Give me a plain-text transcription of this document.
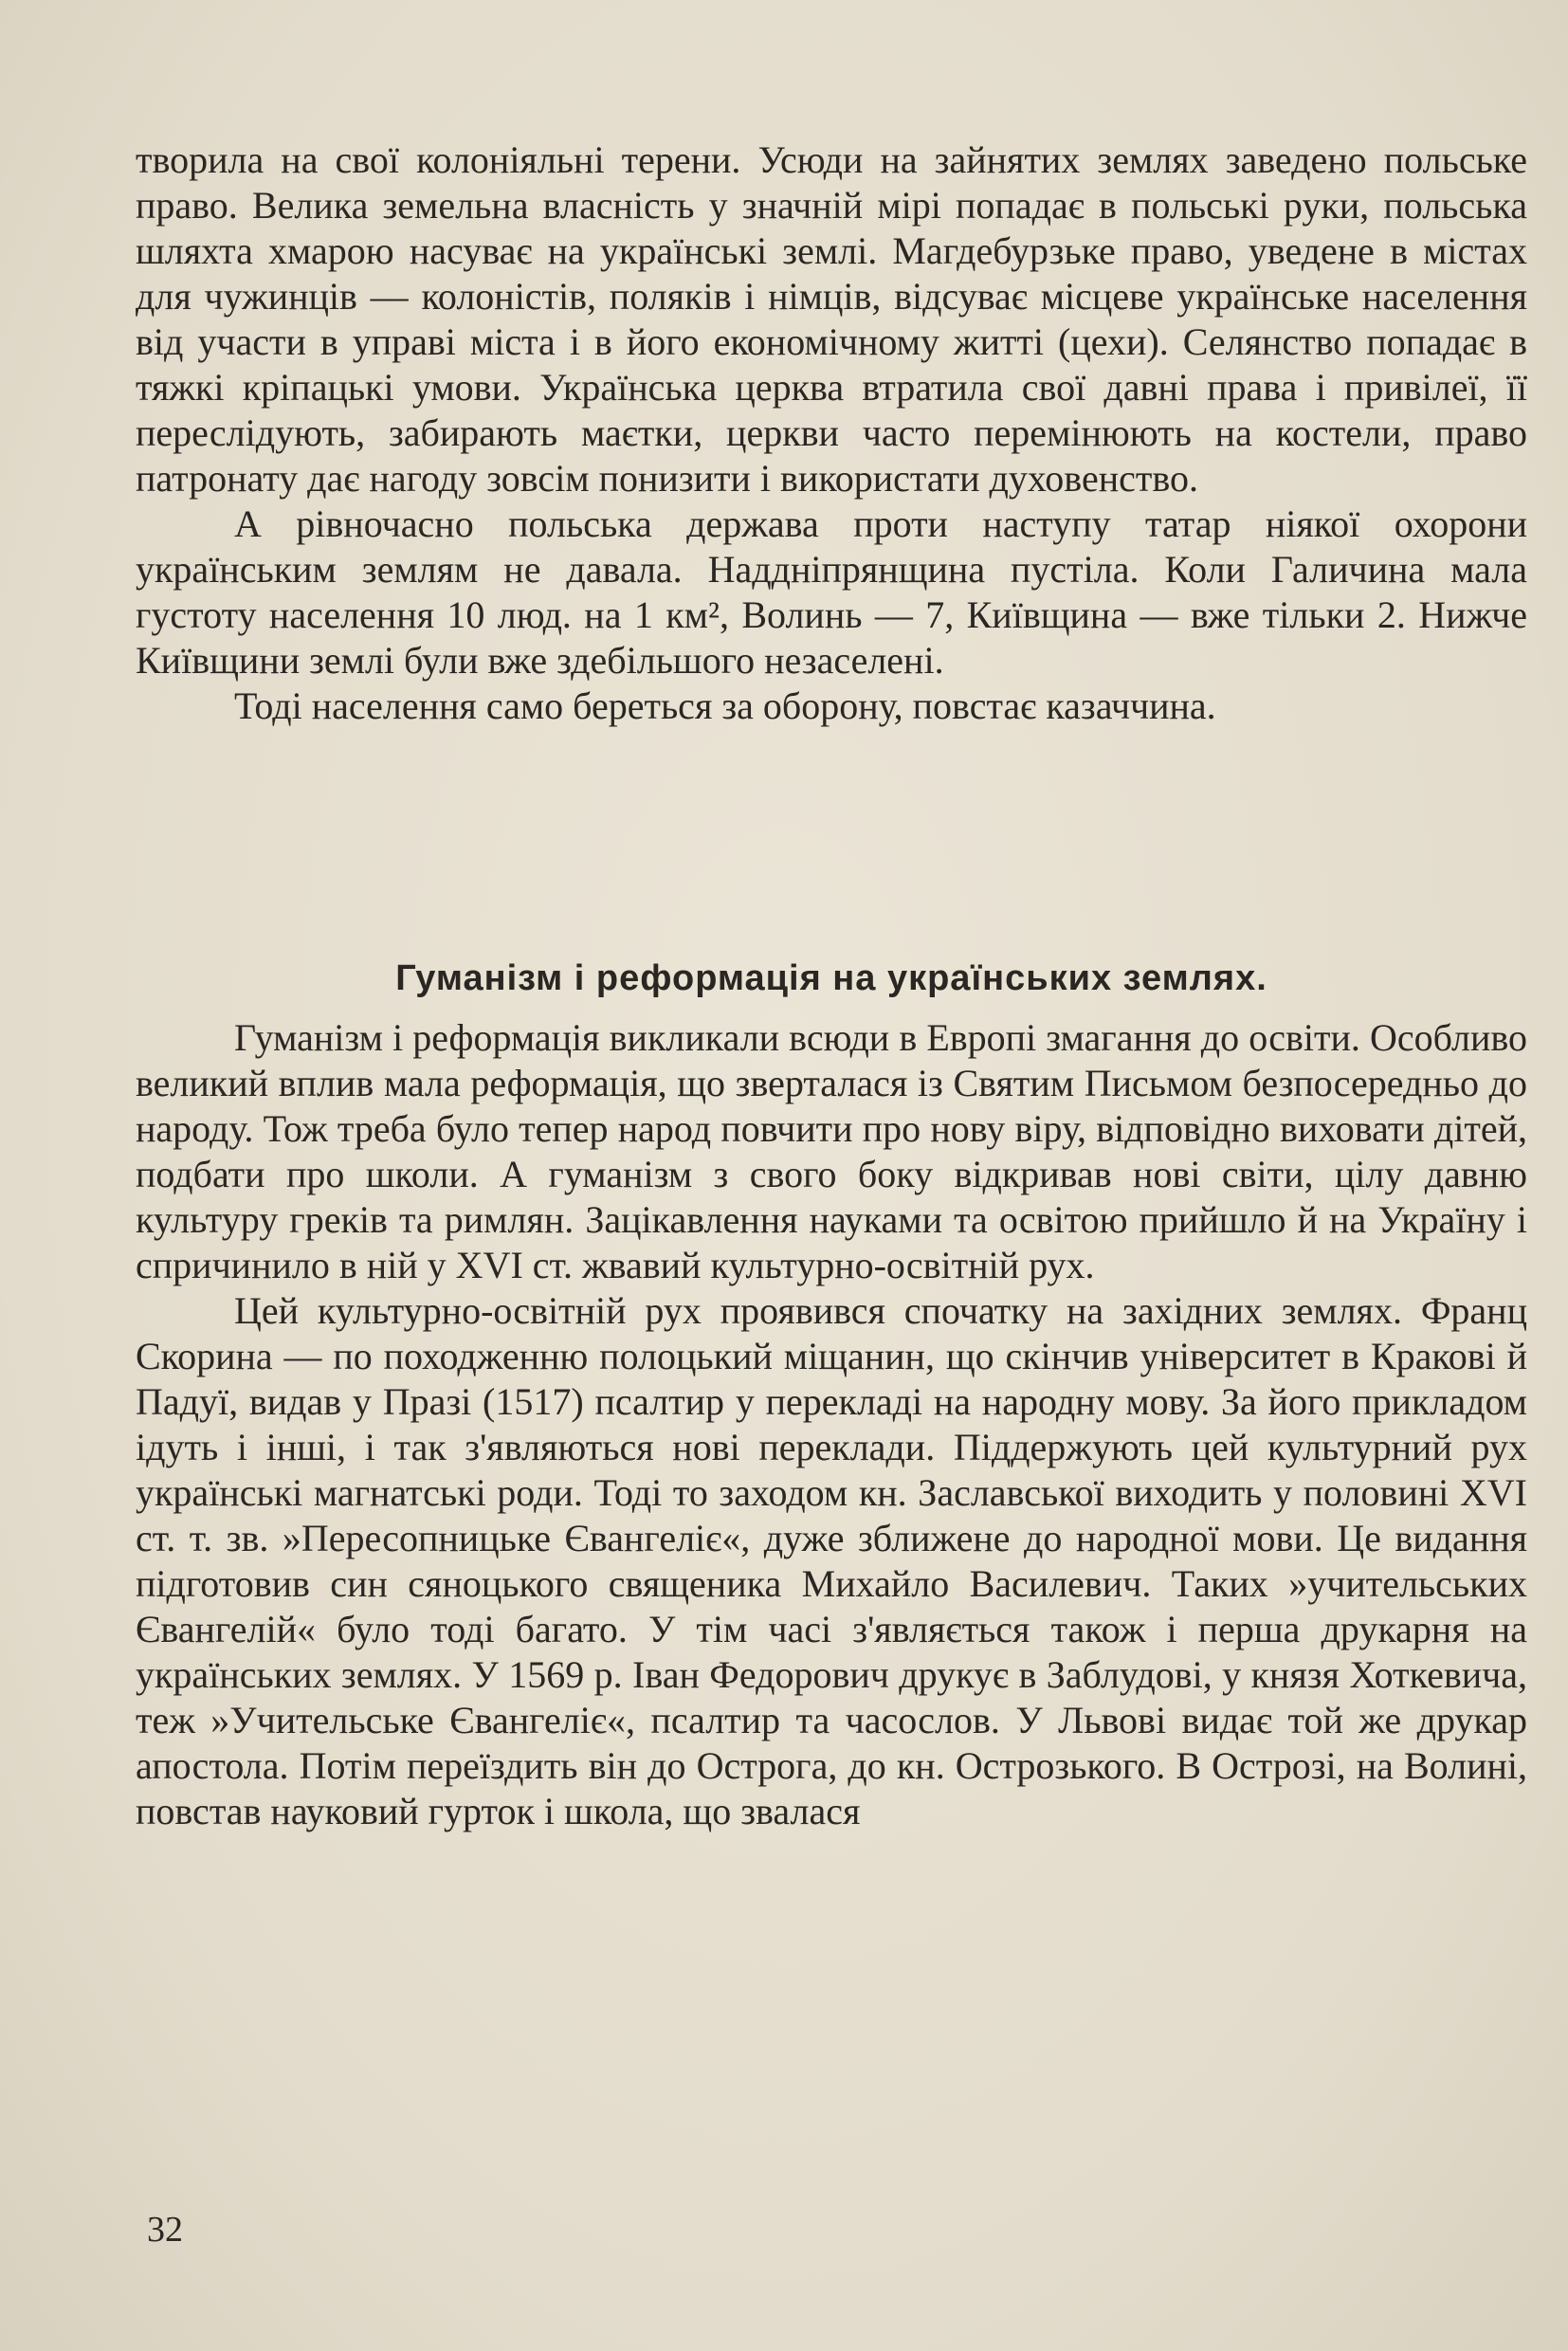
творила на свої колоніяльні терени. Усюди на зайнятих землях заведено польське право. Велика земельна власність у значній мірі попадає в польські руки, польська шляхта хмарою насуває на українські землі. Магдебурзьке право, уведене в містах для чужинців — колоністів, поляків і німців, відсуває місцеве українське населення від участи в управі міста і в його економічному житті (цехи). Селянство попадає в тяжкі кріпацькі умови. Українська церква втратила свої давні права і привілеї, її переслідують, забирають маєтки, церкви часто перемінюють на костели, право патронату дає нагоду зовсім понизити і використати духовенство.

А рівночасно польська держава проти наступу татар ніякої охорони українським землям не давала. Наддніпрянщина пустіла. Коли Галичина мала густоту населення 10 люд. на 1 км², Волинь — 7, Київщина — вже тільки 2. Нижче Київщини землі були вже здебільшого незаселені.

Тоді населення само береться за оборону, повстає казаччина.

Гуманізм і реформація на українських землях.

Гуманізм і реформація викликали всюди в Европі змагання до освіти. Особливо великий вплив мала реформація, що зверталася із Святим Письмом безпосередньо до народу. Тож треба було тепер народ повчити про нову віру, відповідно виховати дітей, подбати про школи. А гуманізм з свого боку відкривав нові світи, цілу давню культуру греків та римлян. Зацікавлення науками та освітою прийшло й на Україну і спричинило в ній у XVI ст. жвавий культурно-освітній рух.

Цей культурно-освітній рух проявився спочатку на західних землях. Франц Скорина — по походженню полоцький міщанин, що скінчив університет в Кракові й Падуї, видав у Празі (1517) псалтир у перекладі на народну мову. За його прикладом ідуть і інші, і так з'являються нові переклади. Піддержують цей культурний рух українські магнатські роди. Тоді то заходом кн. Заславської виходить у половині XVI ст. т. зв. »Пересопницьке Євангеліє«, дуже зближене до народної мови. Це видання підготовив син сяноцького священика Михайло Василевич. Таких »учительських Євангелій« було тоді багато. У тім часі з'являється також і перша друкарня на українських землях. У 1569 р. Іван Федорович друкує в Заблудові, у князя Хоткевича, теж »Учительське Євангеліє«, псалтир та часослов. У Львові видає той же друкар апостола. Потім переїздить він до Острога, до кн. Острозького. В Острозі, на Волині, повстав науковий гурток і школа, що звалася

32
